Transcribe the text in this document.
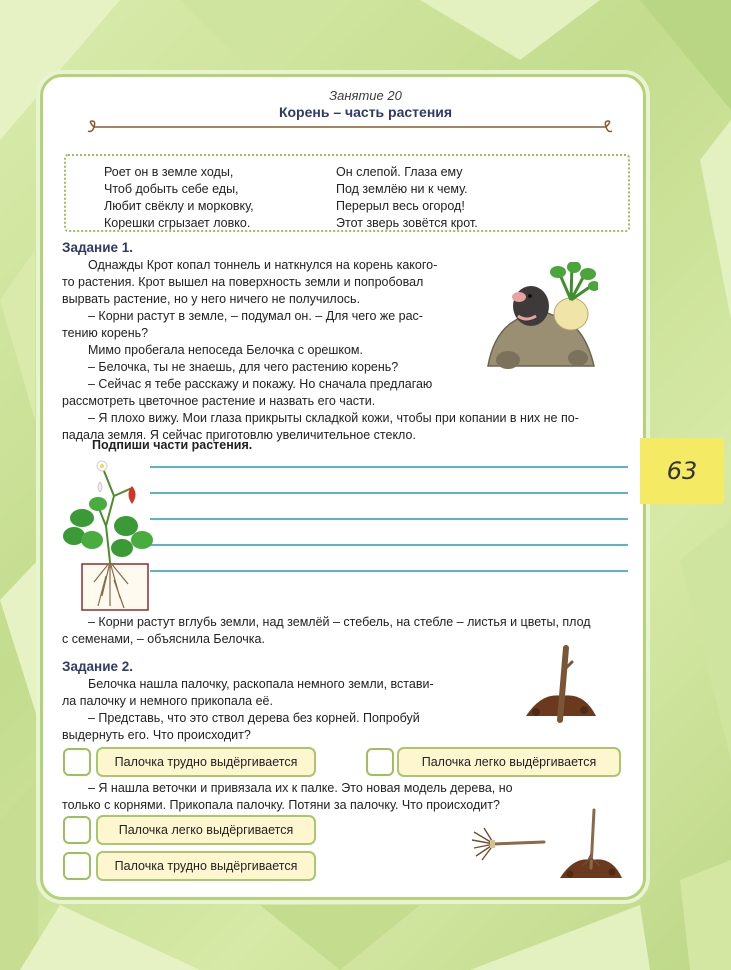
Занятие 20
Корень – часть растения
Роет он в земле ходы,
Чтоб добыть себе еды,
Любит свёклу и морковку,
Корешки сгрызает ловко.
Он слепой. Глаза ему
Под землёю ни к чему.
Перерыл весь огород!
Этот зверь зовётся крот.
Задание 1.
Однажды Крот копал тоннель и наткнулся на корень какого-
то растения. Крот вышел на поверхность земли и попробовал
вырвать растение, но у него ничего не получилось.
– Корни растут в земле, – подумал он. – Для чего же рас-
тению корень?
Мимо пробегала непоседа Белочка с орешком.
– Белочка, ты не знаешь, для чего растению корень?
– Сейчас я тебе расскажу и покажу. Но сначала предлагаю
рассмотреть цветочное растение и назвать его части.
– Я плохо вижу. Мои глаза прикрыты складкой кожи, чтобы при копании в них не по-
падала земля. Я сейчас приготовлю увеличительное стекло.
Подпиши части растения.
– Корни растут вглубь земли, над землёй – стебель, на стебле – листья и цветы, плод
с семенами, – объяснила Белочка.
63
Задание 2.
Белочка нашла палочку, раскопала немного земли, встави-
ла палочку и немного прикопала её.
– Представь, что это ствол дерева без корней. Попробуй
выдернуть его. Что происходит?
Палочка трудно выдёргивается	Палочка легко выдёргивается
– Я нашла веточки и привязала их к палке. Это новая модель дерева, но
только с корнями. Прикопала палочку. Потяни за палочку. Что происходит?
Палочка легко выдёргивается
Палочка трудно выдёргивается
